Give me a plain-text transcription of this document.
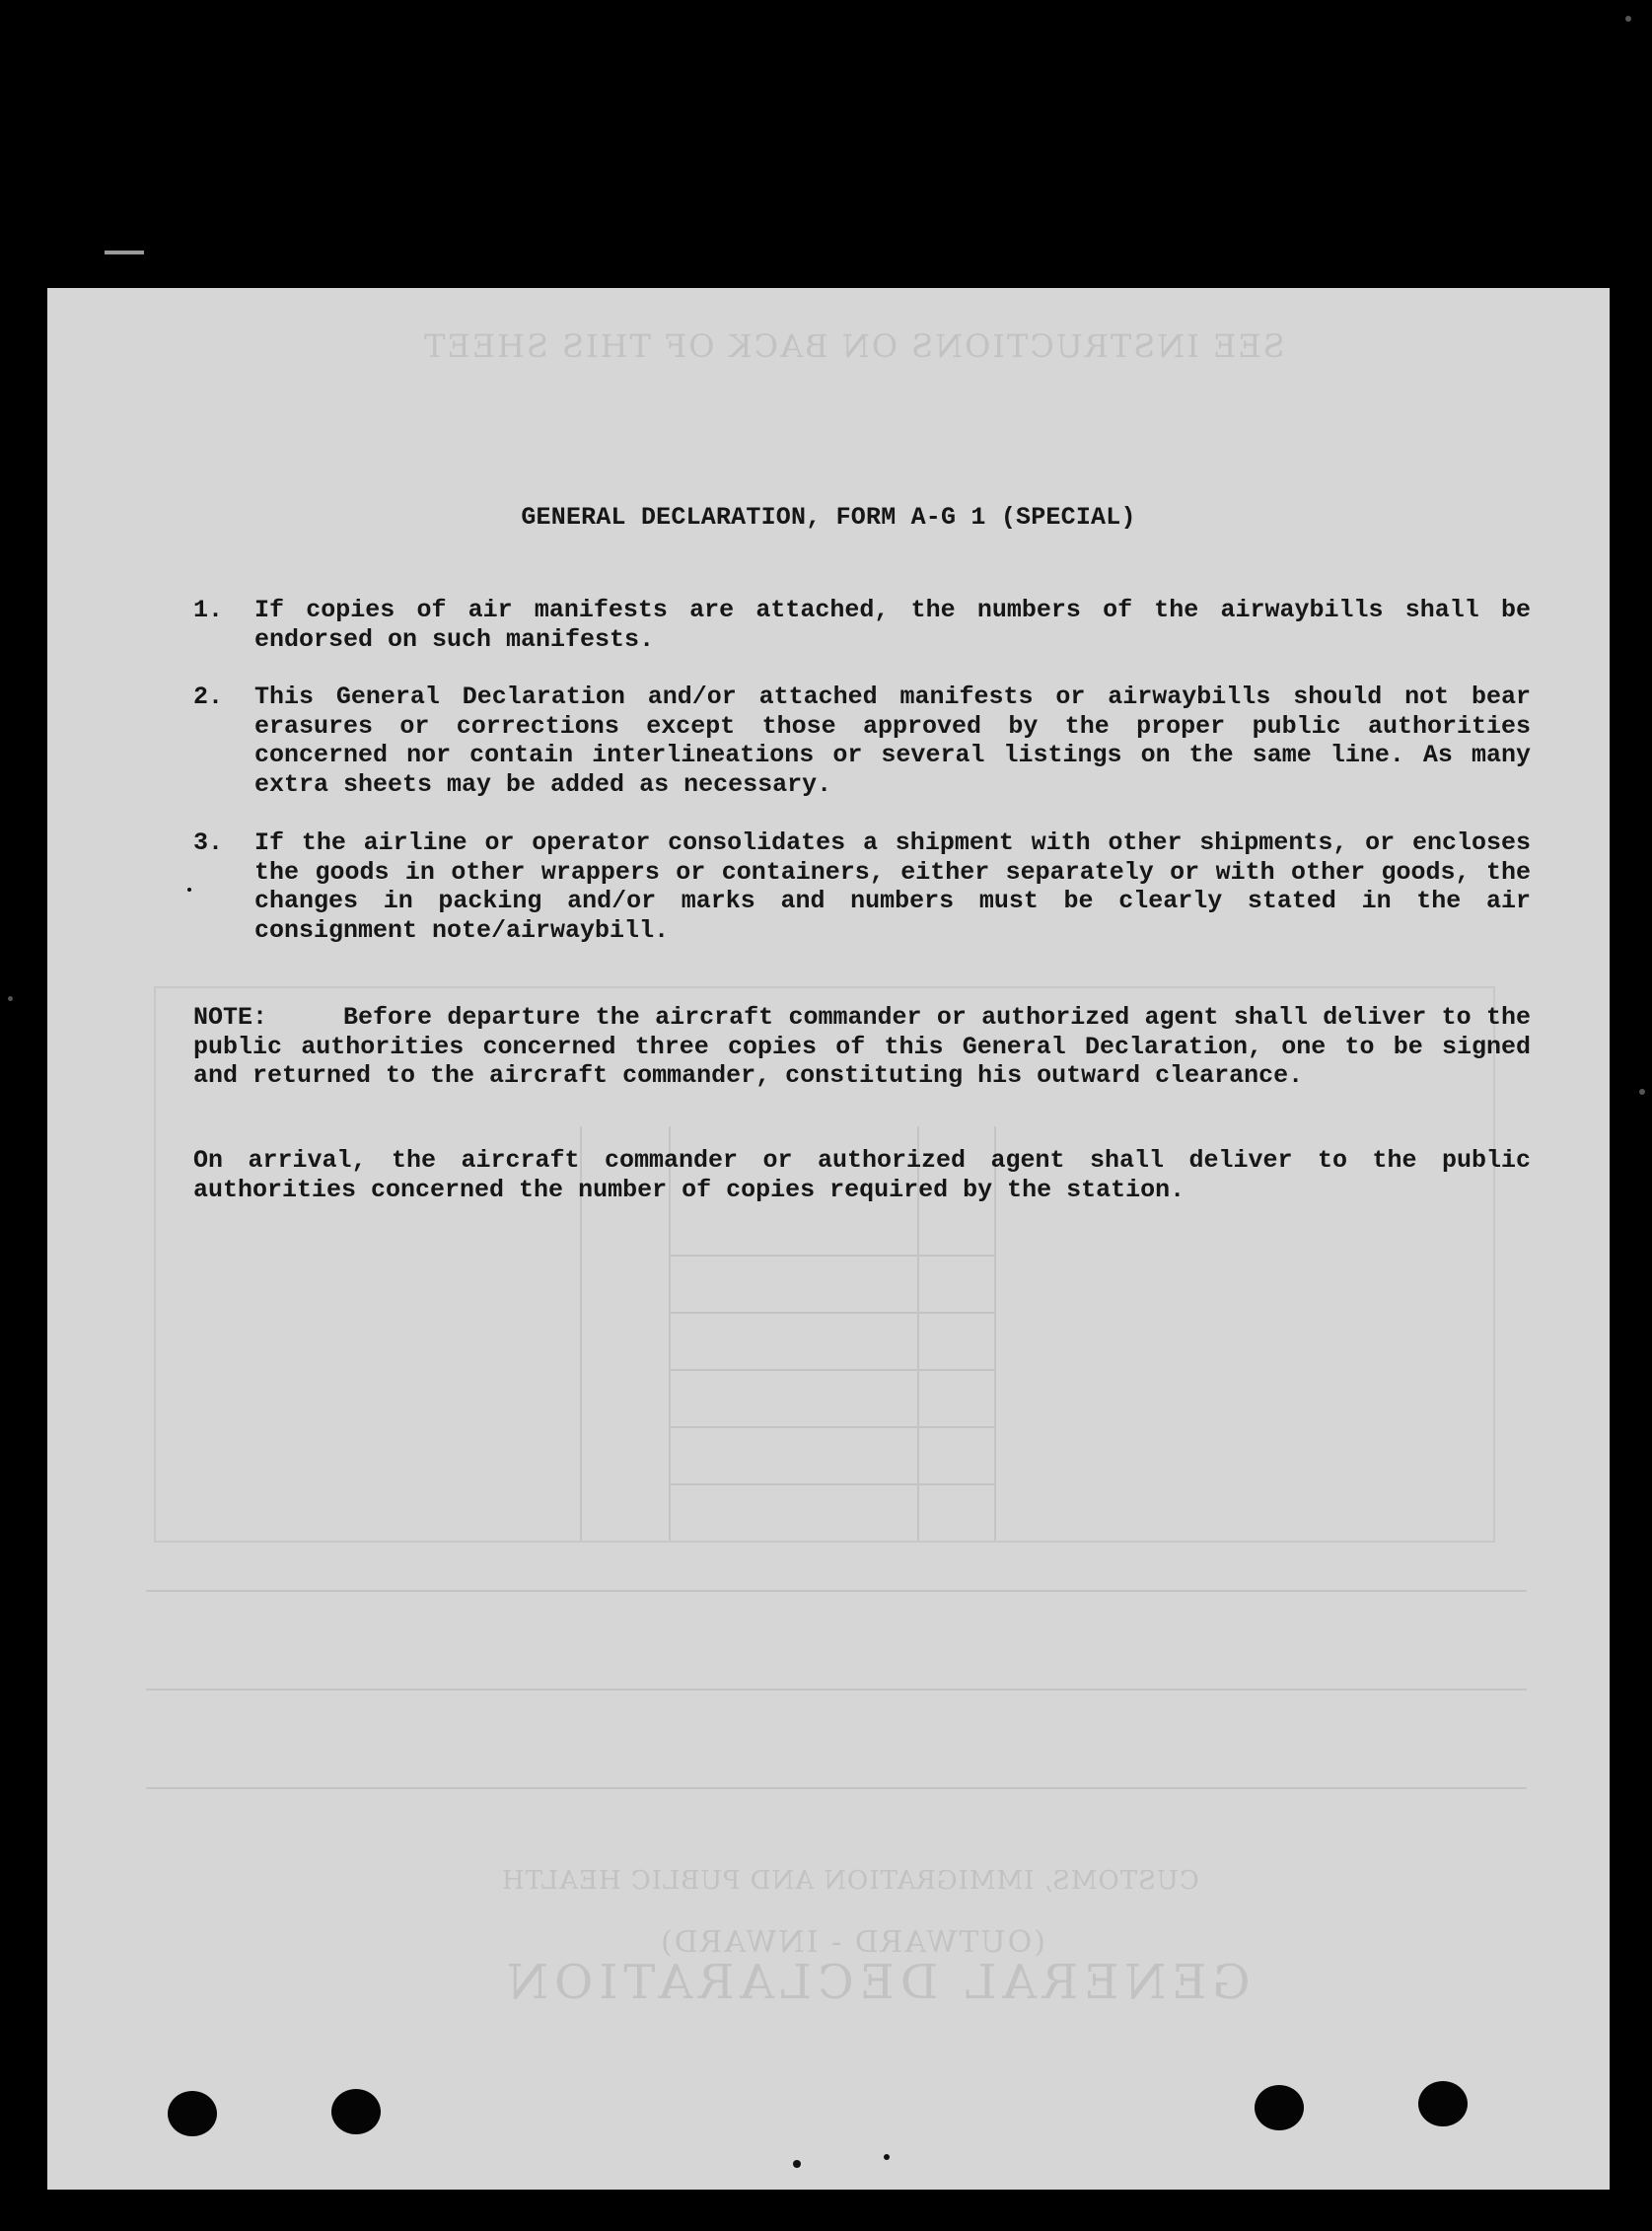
SEE INSTRUCTIONS ON BACK OF THIS SHEET
CUSTOMS, IMMIGRATION AND PUBLIC HEALTH
(OUTWARD - INWARD)
GENERAL DECLARATION
GENERAL DECLARATION, FORM A-G 1 (SPECIAL)
1. If copies of air manifests are attached, the numbers of the airwaybills shall be endorsed on such manifests.
2. This General Declaration and/or attached manifests or airwaybills should not bear erasures or corrections except those approved by the proper public authorities concerned nor contain interlineations or several listings on the same line. As many extra sheets may be added as necessary.
3. If the airline or operator consolidates a shipment with other shipments, or encloses the goods in other wrappers or containers, either separately or with other goods, the changes in packing and/or marks and numbers must be clearly stated in the air consignment note/airwaybill.
NOTE:	Before departure the aircraft commander or authorized agent shall deliver to the public authorities concerned three copies of this General Declaration, one to be signed and returned to the aircraft commander, constituting his outward clearance.
On arrival, the aircraft commander or authorized agent shall deliver to the public authorities concerned the number of copies required by the station.
